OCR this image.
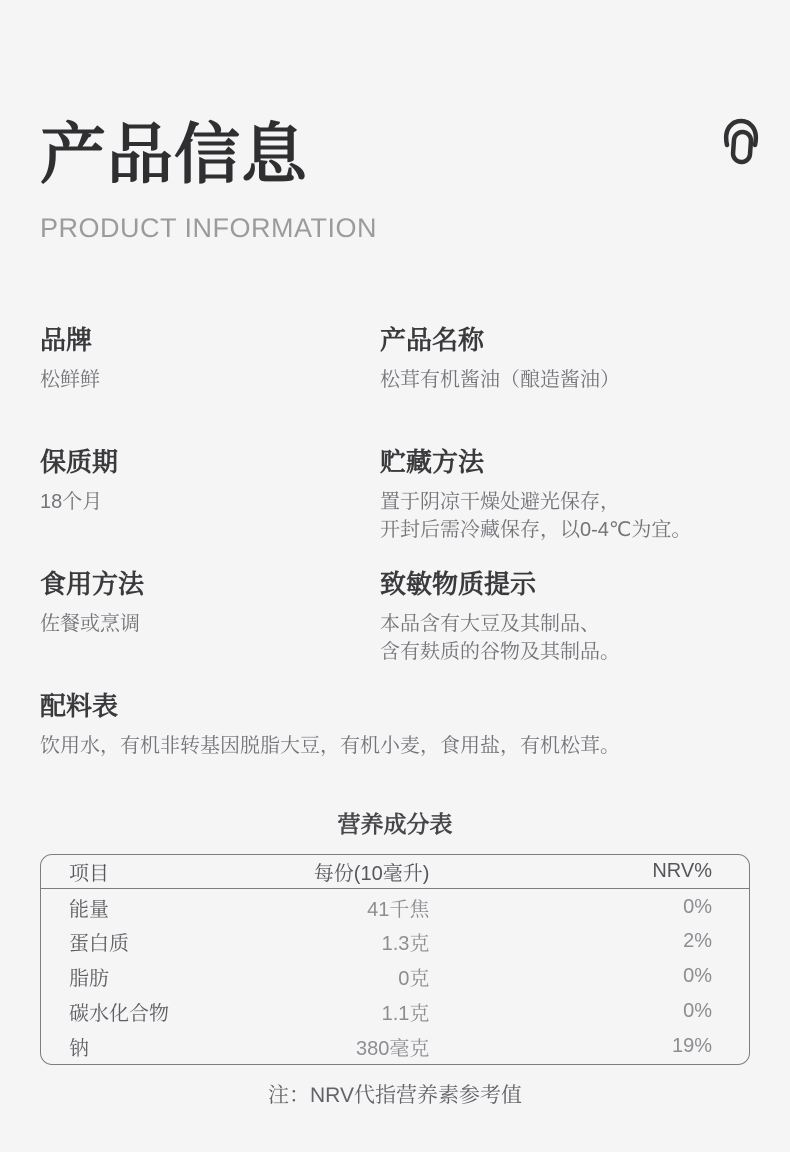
产品信息
PRODUCT INFORMATION
品牌

松鲜鲜

产品名称

松茸有机酱油（酿造酱油）

保质期

18个月

贮藏方法

置于阴凉干燥处避光保存，

开封后需冷藏保存，以0-4℃为宜。

食用方法

佐餐或烹调

致敏物质提示

本品含有大豆及其制品、

含有麸质的谷物及其制品。

配料表

饮用水，有机非转基因脱脂大豆，有机小麦，食用盐，有机松茸。

营养成分表
项目	每份(10毫升)	NRV%
能量	41千焦	0%
蛋白质	1.3克	2%
脂肪	0克	0%
碳水化合物	1.1克	0%
钠	380毫克	19%
注：NRV代指营养素参考值
